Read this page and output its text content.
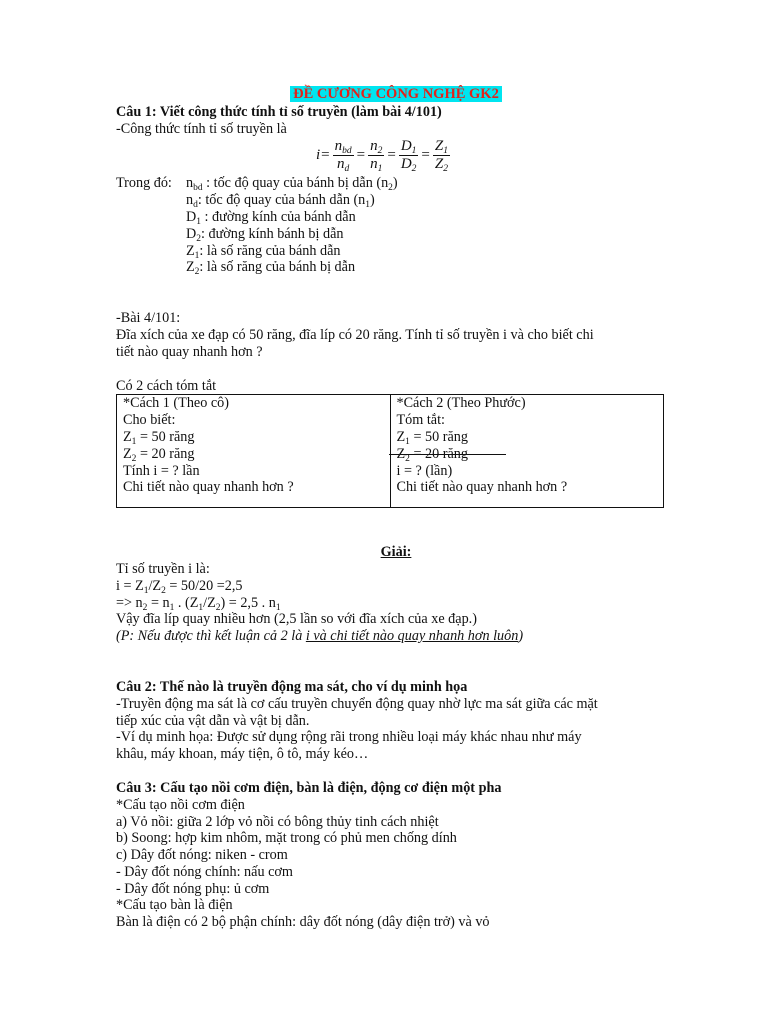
ĐỀ CƯƠNG CÔNG NGHỆ GK2
Câu 1: Viết công thức tính tỉ số truyền (làm bài 4/101)
-Công thức tính tỉ số truyền là
$i = \frac{n_{bd}}{n_d} = \frac{n_2}{n_1} = \frac{D_1}{D_2} = \frac{Z_1}{Z_2}$
Trong đó: $n_{bd}$ : tốc độ quay của bánh bị dẫn $(n_2)$
$n_d$: tốc độ quay của bánh dẫn $(n_1)$
$D_1$ : đường kính của bánh dẫn
$D_2$: đường kính bánh bị dẫn
$Z_1$: là số răng của bánh dẫn
$Z_2$: là số răng của bánh bị dẫn
-Bài 4/101:
Đĩa xích của xe đạp có 50 răng, đĩa líp có 20 răng. Tính tỉ số truyền i và cho biết chi
tiết nào quay nhanh hơn ?
Có 2 cách tóm tắt
*Cách 1 (Theo cô)
Cho biết:
$Z_1 = 50$ răng
$Z_2 = 20$ răng
Tính i = ? lần
Chi tiết nào quay nhanh hơn ?

*Cách 2 (Theo Phước)
Tóm tắt:
$Z_1 = 50$ răng
$Z_2 = 20$ răng
i = ? (lần)
Chi tiết nào quay nhanh hơn ?
Giải:
Tỉ số truyền i là:
$i = Z_1/Z_2 = 50/20 =2,5$
=> $n_2 = n_1$ . $(Z_1/Z_2) = 2,5$ . $n_1$
Vậy đĩa líp quay nhiều hơn (2,5 lần so với đĩa xích của xe đạp.)
(P: Nếu được thì kết luận cả 2 là i và chi tiết nào quay nhanh hơn luôn)
Câu 2: Thế nào là truyền động ma sát, cho ví dụ minh họa
-Truyền động ma sát là cơ cấu truyền chuyển động quay nhờ lực ma sát giữa các mặt
tiếp xúc của vật dẫn và vật bị dẫn.
-Ví dụ minh họa: Được sử dụng rộng rãi trong nhiều loại máy khác nhau như máy
khâu, máy khoan, máy tiện, ô tô, máy kéo…
Câu 3: Cấu tạo nồi cơm điện, bàn là điện, động cơ điện một pha
*Cấu tạo nồi cơm điện
a) Vỏ nồi: giữa 2 lớp vỏ nồi có bông thủy tinh cách nhiệt
b) Soong: hợp kim nhôm, mặt trong có phủ men chống dính
c) Dây đốt nóng: niken - crom
- Dây đốt nóng chính: nấu cơm
- Dây đốt nóng phụ: ủ cơm
*Cấu tạo bàn là điện
Bàn là điện có 2 bộ phận chính: dây đốt nóng (dây điện trở) và vỏ
